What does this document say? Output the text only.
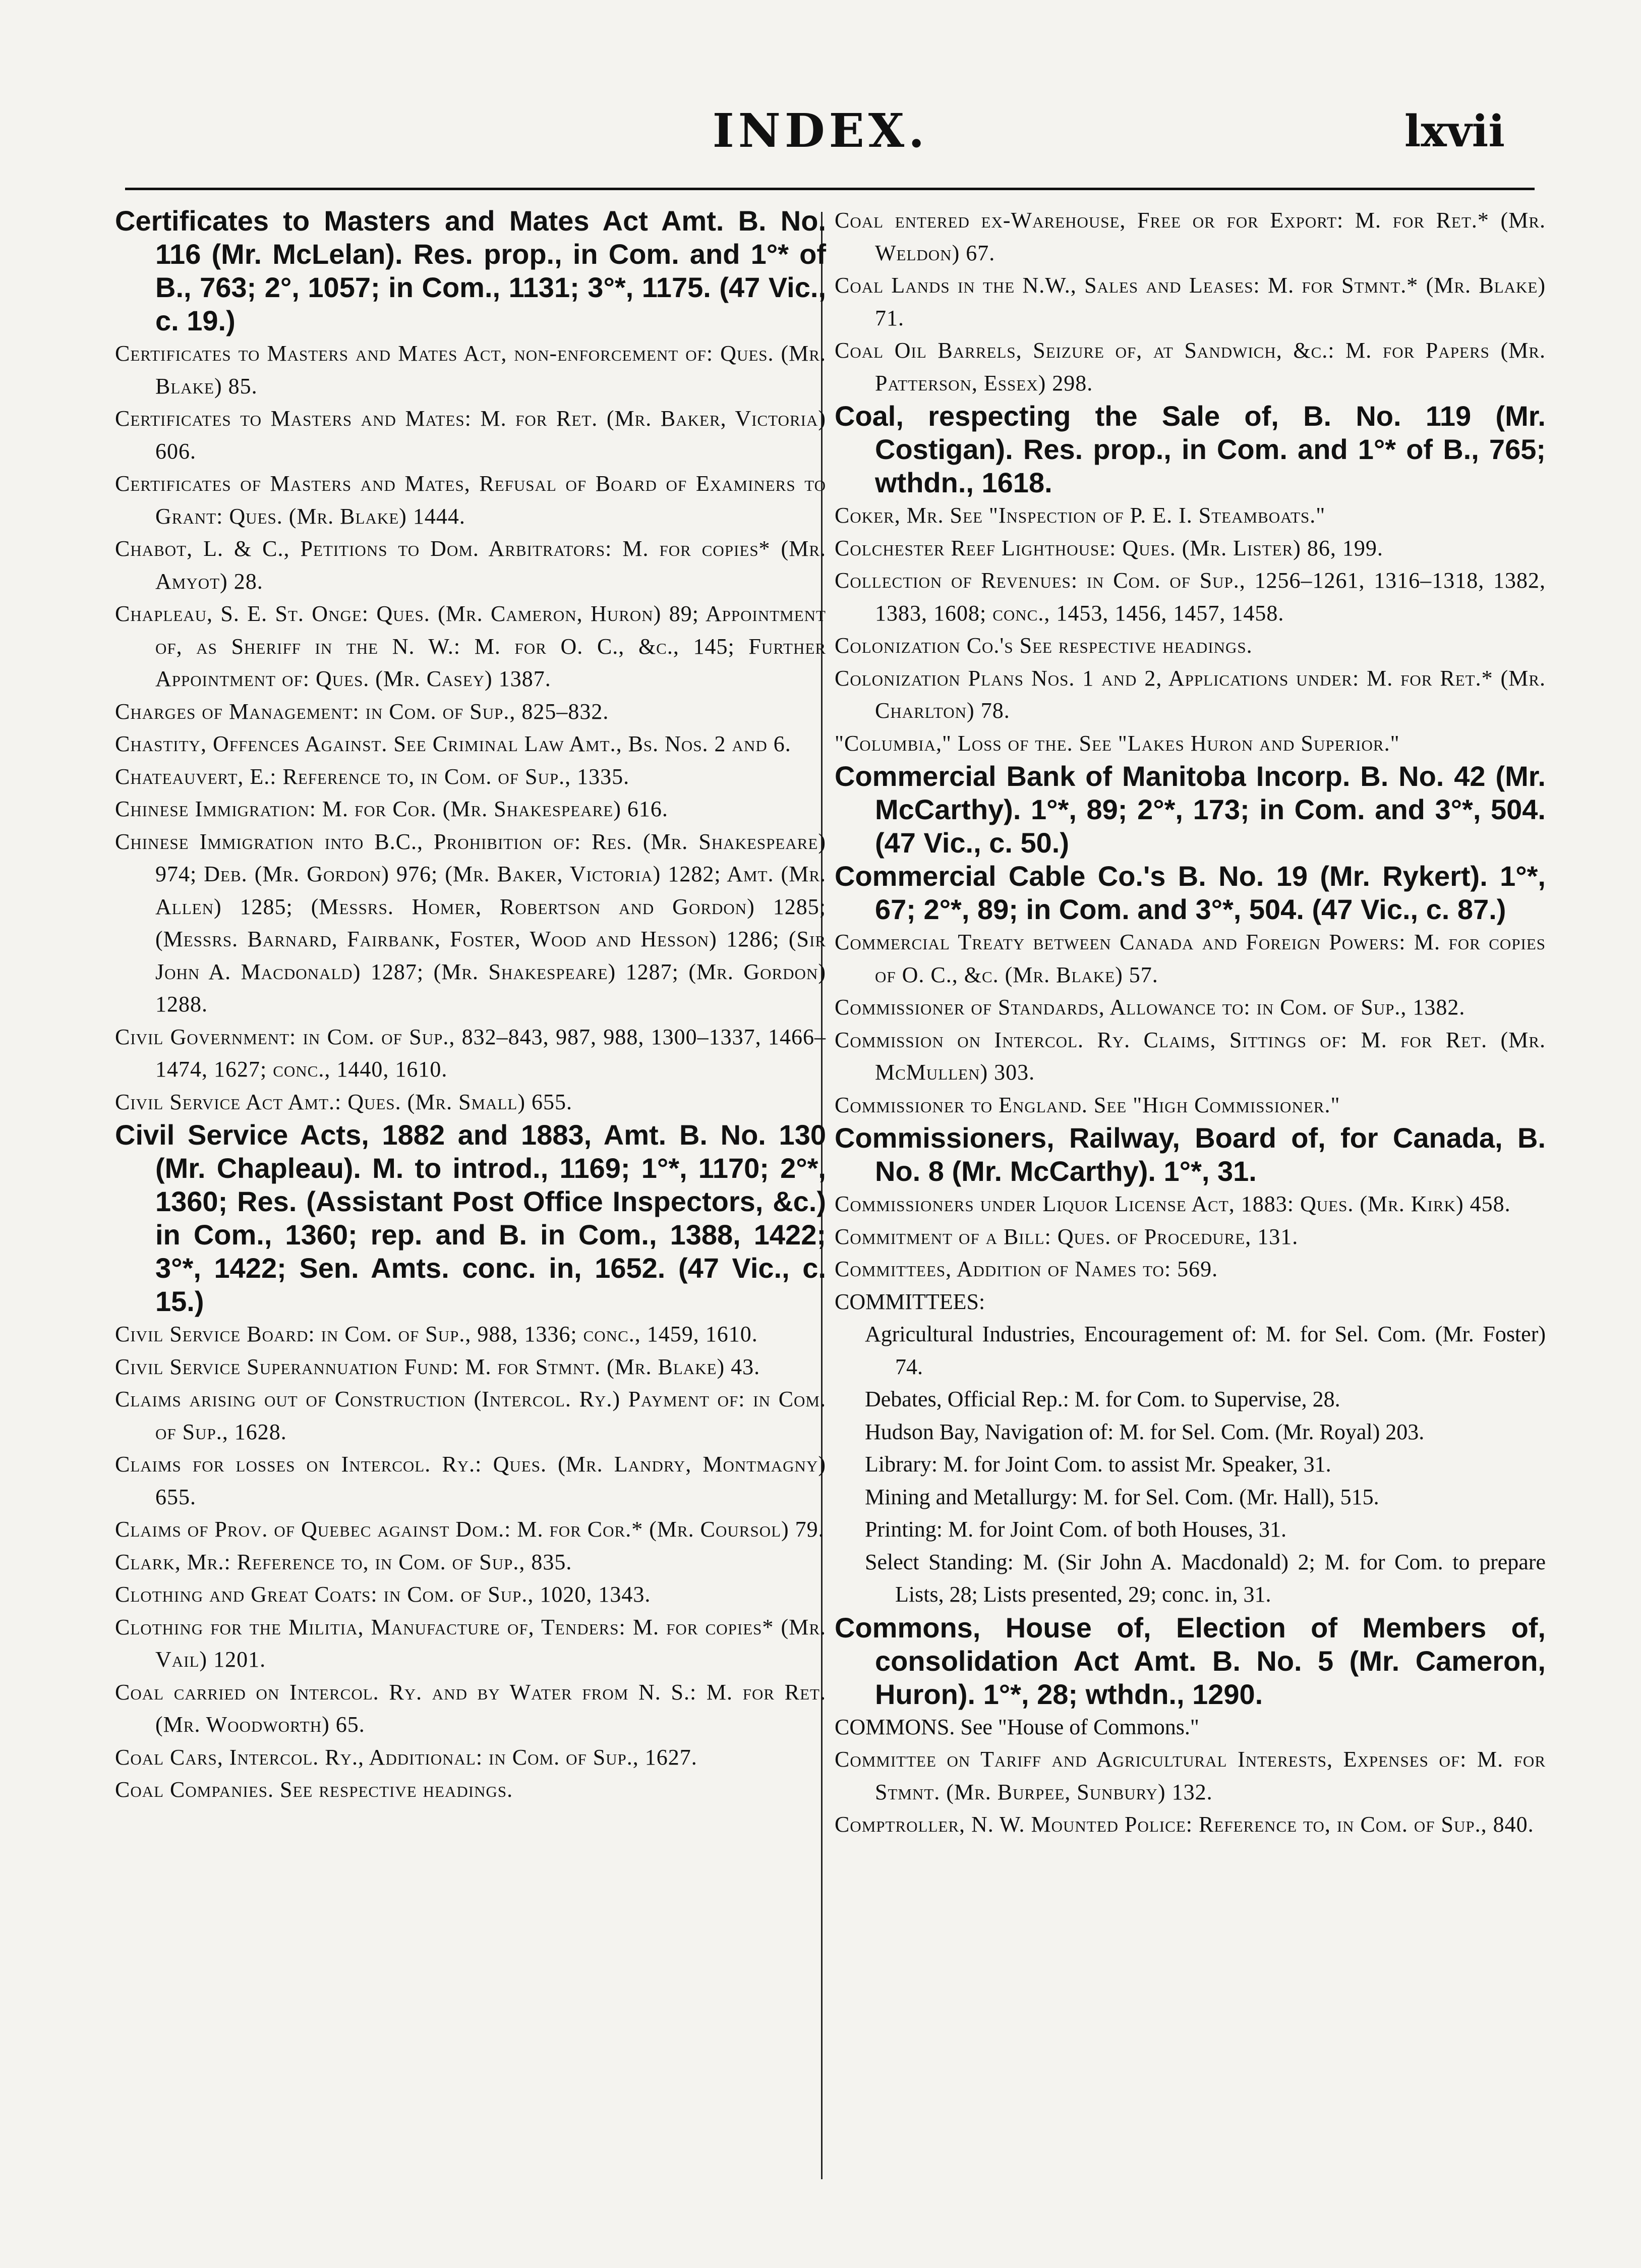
INDEX.	lxvii
Certificates to Masters and Mates Act Amt. B. No. 116 (Mr. McLelan). Res. prop., in Com. and 1°* of B., 763; 2°, 1057; in Com., 1131; 3°*, 1175. (47 Vic., c. 19.)
Certificates to Masters and Mates Act, non-enforcement of: Ques. (Mr. Blake) 85.
Certificates to Masters and Mates: M. for Ret. (Mr. Baker, Victoria) 606.
Certificates of Masters and Mates, Refusal of Board of Examiners to Grant: Ques. (Mr. Blake) 1444.
Chabot, L. & C., Petitions to Dom. Arbitrators: M. for copies* (Mr. Amyot) 28.
Chapleau, S. E. St. Onge: Ques. (Mr. Cameron, Huron) 89; Appointment of, as Sheriff in the N. W.: M. for O. C., &c., 145; Further Appointment of: Ques. (Mr. Casey) 1387.
Charges of Management: in Com. of Sup., 825–832.
Chastity, Offences Against. See Criminal Law Amt., Bs. Nos. 2 and 6.
Chateauvert, E.: Reference to, in Com. of Sup., 1335.
Chinese Immigration: M. for Cor. (Mr. Shakespeare) 616.
Chinese Immigration into B.C., Prohibition of: Res. (Mr. Shakespeare) 974; Deb. (Mr. Gordon) 976; (Mr. Baker, Victoria) 1282; Amt. (Mr. Allen) 1285; (Messrs. Homer, Robertson and Gordon) 1285; (Messrs. Barnard, Fairbank, Foster, Wood and Hesson) 1286; (Sir John A. Macdonald) 1287; (Mr. Shakespeare) 1287; (Mr. Gordon) 1288.
Civil Government: in Com. of Sup., 832–843, 987, 988, 1300–1337, 1466–1474, 1627; conc., 1440, 1610.
Civil Service Act Amt.: Ques. (Mr. Small) 655.
Civil Service Acts, 1882 and 1883, Amt. B. No. 130 (Mr. Chapleau). M. to introd., 1169; 1°*, 1170; 2°*, 1360; Res. (Assistant Post Office Inspectors, &c.) in Com., 1360; rep. and B. in Com., 1388, 1422; 3°*, 1422; Sen. Amts. conc. in, 1652. (47 Vic., c. 15.)
Civil Service Board: in Com. of Sup., 988, 1336; conc., 1459, 1610.
Civil Service Superannuation Fund: M. for Stmnt. (Mr. Blake) 43.
Claims arising out of Construction (Intercol. Ry.) Payment of: in Com. of Sup., 1628.
Claims for losses on Intercol. Ry.: Ques. (Mr. Landry, Montmagny) 655.
Claims of Prov. of Quebec against Dom.: M. for Cor.* (Mr. Coursol) 79.
Clark, Mr.: Reference to, in Com. of Sup., 835.
Clothing and Great Coats: in Com. of Sup., 1020, 1343.
Clothing for the Militia, Manufacture of, Tenders: M. for copies* (Mr. Vail) 1201.
Coal carried on Intercol. Ry. and by Water from N. S.: M. for Ret. (Mr. Woodworth) 65.
Coal Cars, Intercol. Ry., Additional: in Com. of Sup., 1627.
Coal Companies. See respective headings.
Coal entered ex-Warehouse, Free or for Export: M. for Ret.* (Mr. Weldon) 67.
Coal Lands in the N.W., Sales and Leases: M. for Stmnt.* (Mr. Blake) 71.
Coal Oil Barrels, Seizure of, at Sandwich, &c.: M. for Papers (Mr. Patterson, Essex) 298.
Coal, respecting the Sale of, B. No. 119 (Mr. Costigan). Res. prop., in Com. and 1°* of B., 765; wthdn., 1618.
Coker, Mr. See "Inspection of P. E. I. Steamboats."
Colchester Reef Lighthouse: Ques. (Mr. Lister) 86, 199.
Collection of Revenues: in Com. of Sup., 1256–1261, 1316–1318, 1382, 1383, 1608; conc., 1453, 1456, 1457, 1458.
Colonization Co.'s See respective headings.
Colonization Plans Nos. 1 and 2, Applications under: M. for Ret.* (Mr. Charlton) 78.
"Columbia," Loss of the. See "Lakes Huron and Superior."
Commercial Bank of Manitoba Incorp. B. No. 42 (Mr. McCarthy). 1°*, 89; 2°*, 173; in Com. and 3°*, 504. (47 Vic., c. 50.)
Commercial Cable Co.'s B. No. 19 (Mr. Rykert). 1°*, 67; 2°*, 89; in Com. and 3°*, 504. (47 Vic., c. 87.)
Commercial Treaty between Canada and Foreign Powers: M. for copies of O. C., &c. (Mr. Blake) 57.
Commissioner of Standards, Allowance to: in Com. of Sup., 1382.
Commission on Intercol. Ry. Claims, Sittings of: M. for Ret. (Mr. McMullen) 303.
Commissioner to England. See "High Commissioner."
Commissioners, Railway, Board of, for Canada, B. No. 8 (Mr. McCarthy). 1°*, 31.
Commissioners under Liquor License Act, 1883: Ques. (Mr. Kirk) 458.
Commitment of a Bill: Ques. of Procedure, 131.
Committees, Addition of Names to: 569.
COMMITTEES:
Agricultural Industries, Encouragement of: M. for Sel. Com. (Mr. Foster) 74.
Debates, Official Rep.: M. for Com. to Supervise, 28.
Hudson Bay, Navigation of: M. for Sel. Com. (Mr. Royal) 203.
Library: M. for Joint Com. to assist Mr. Speaker, 31.
Mining and Metallurgy: M. for Sel. Com. (Mr. Hall), 515.
Printing: M. for Joint Com. of both Houses, 31.
Select Standing: M. (Sir John A. Macdonald) 2; M. for Com. to prepare Lists, 28; Lists presented, 29; conc. in, 31.
Commons, House of, Election of Members of, consolidation Act Amt. B. No. 5 (Mr. Cameron, Huron). 1°*, 28; wthdn., 1290.
COMMONS. See "House of Commons."
Committee on Tariff and Agricultural Interests, Expenses of: M. for Stmnt. (Mr. Burpee, Sunbury) 132.
Comptroller, N. W. Mounted Police: Reference to, in Com. of Sup., 840.
